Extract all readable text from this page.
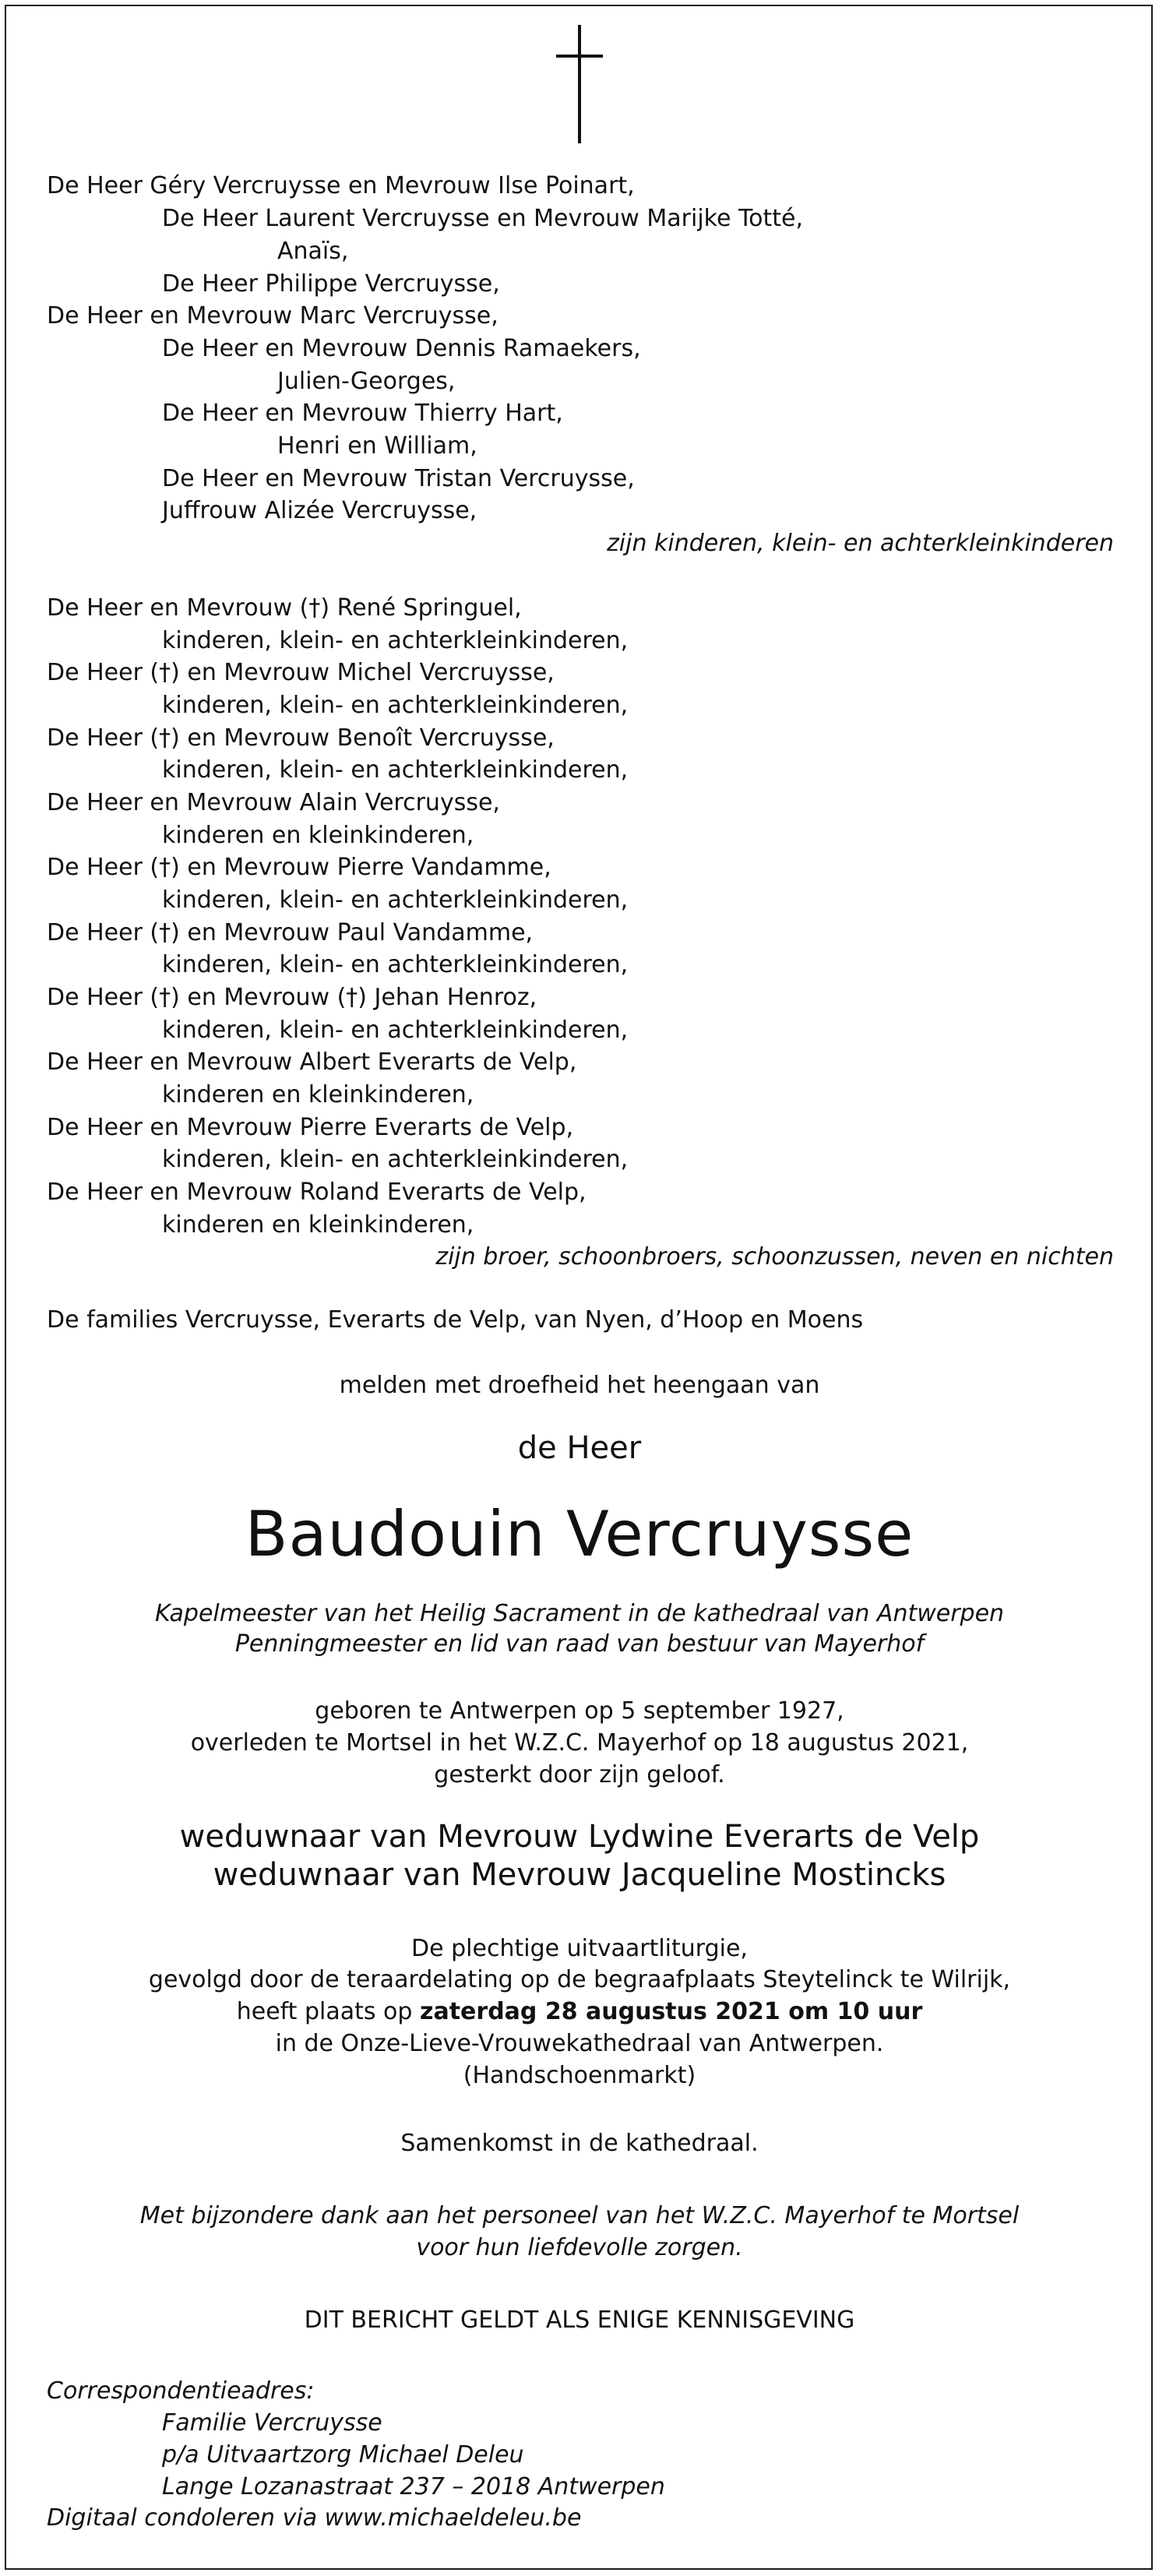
De Heer Géry Vercruysse en Mevrouw Ilse Poinart,
De Heer Laurent Vercruysse en Mevrouw Marijke Totté,
Anaïs,
De Heer Philippe Vercruysse,
De Heer en Mevrouw Marc Vercruysse,
De Heer en Mevrouw Dennis Ramaekers,
Julien-Georges,
De Heer en Mevrouw Thierry Hart,
Henri en William,
De Heer en Mevrouw Tristan Vercruysse,
Juffrouw Alizée Vercruysse,
zijn kinderen, klein- en achterkleinkinderen
De Heer en Mevrouw (†) René Springuel,
kinderen, klein- en achterkleinkinderen,
De Heer (†) en Mevrouw Michel Vercruysse,
kinderen, klein- en achterkleinkinderen,
De Heer (†) en Mevrouw Benoît Vercruysse,
kinderen, klein- en achterkleinkinderen,
De Heer en Mevrouw Alain Vercruysse,
kinderen en kleinkinderen,
De Heer (†) en Mevrouw Pierre Vandamme,
kinderen, klein- en achterkleinkinderen,
De Heer (†) en Mevrouw Paul Vandamme,
kinderen, klein- en achterkleinkinderen,
De Heer (†) en Mevrouw (†) Jehan Henroz,
kinderen, klein- en achterkleinkinderen,
De Heer en Mevrouw Albert Everarts de Velp,
kinderen en kleinkinderen,
De Heer en Mevrouw Pierre Everarts de Velp,
kinderen, klein- en achterkleinkinderen,
De Heer en Mevrouw Roland Everarts de Velp,
kinderen en kleinkinderen,
zijn broer, schoonbroers, schoonzussen, neven en nichten
De families Vercruysse, Everarts de Velp, van Nyen, d’Hoop en Moens
melden met droefheid het heengaan van
de Heer
Baudouin Vercruysse
Kapelmeester van het Heilig Sacrament in de kathedraal van Antwerpen
Penningmeester en lid van raad van bestuur van Mayerhof
geboren te Antwerpen op 5 september 1927,
overleden te Mortsel in het W.Z.C. Mayerhof op 18 augustus 2021,
gesterkt door zijn geloof.
weduwnaar van Mevrouw Lydwine Everarts de Velp
weduwnaar van Mevrouw Jacqueline Mostincks
De plechtige uitvaartliturgie,
gevolgd door de teraardelating op de begraafplaats Steytelinck te Wilrijk,
heeft plaats op zaterdag 28 augustus 2021 om 10 uur
in de Onze-Lieve-Vrouwekathedraal van Antwerpen.
(Handschoenmarkt)
Samenkomst in de kathedraal.
Met bijzondere dank aan het personeel van het W.Z.C. Mayerhof te Mortsel
voor hun liefdevolle zorgen.
DIT BERICHT GELDT ALS ENIGE KENNISGEVING
Correspondentieadres:
Familie Vercruysse
p/a Uitvaartzorg Michael Deleu
Lange Lozanastraat 237 – 2018 Antwerpen
Digitaal condoleren via www.michaeldeleu.be
